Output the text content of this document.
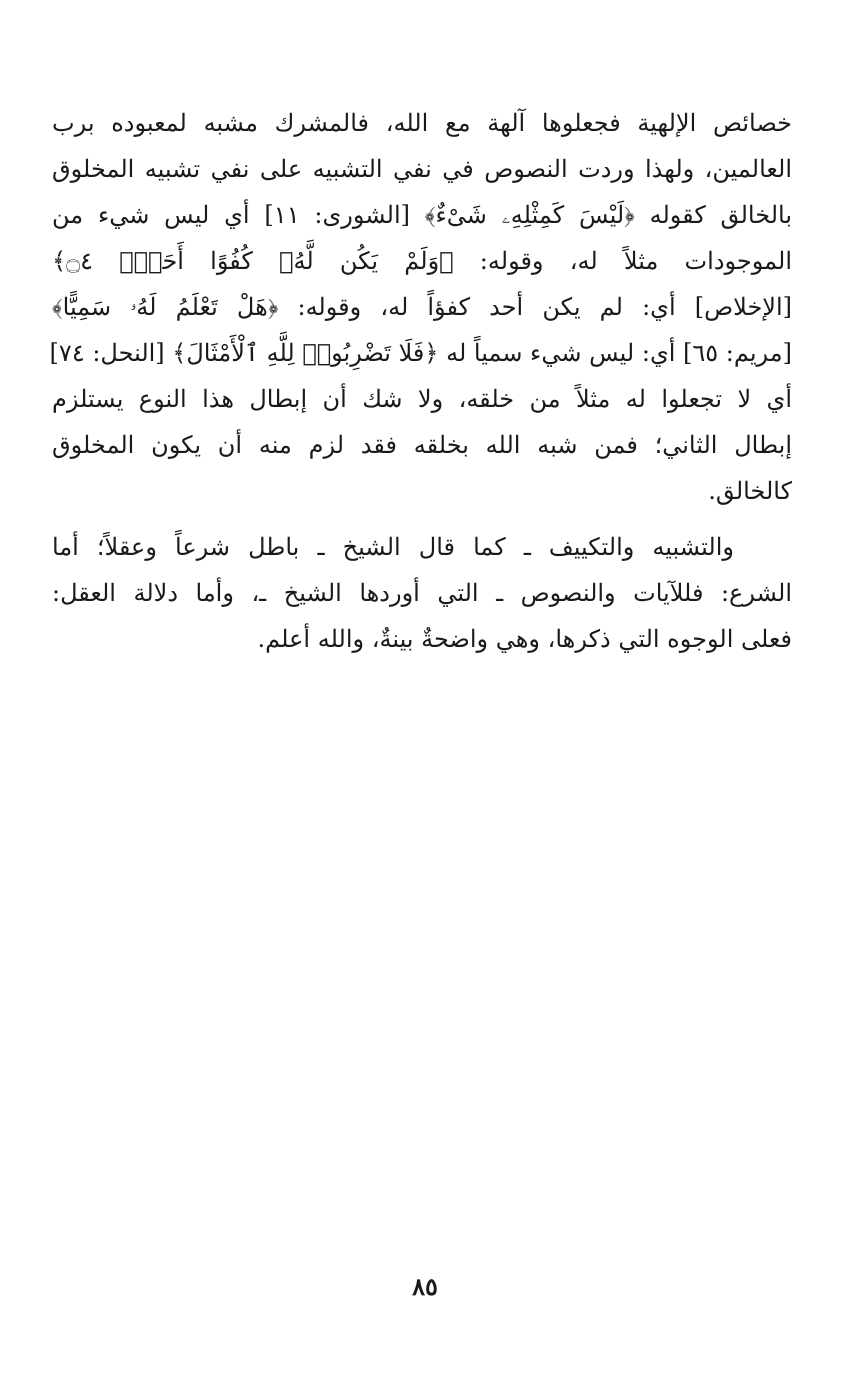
خصائص الإلهية فجعلوها آلهة مع الله، فالمشرك مشبه لمعبوده برب
العالمين، ولهذا وردت النصوص في نفي التشبيه على نفي تشبيه المخلوق
بالخالق كقوله ﴿لَيْسَ كَمِثْلِهِۦ شَىْءٌ﴾ [الشورى: ١١] أي ليس شيء من
الموجودات مثلاً له، وقوله: ﴿وَلَمْ يَكُن لَّهُۥ كُفُوًا أَحَدٌۢ ۝٤﴾
[الإخلاص] أي: لم يكن أحد كفؤاً له، وقوله: ﴿هَلْ تَعْلَمُ لَهُۥ سَمِيًّا﴾
[مريم: ٦٥] أي: ليس شيء سمياً له ﴿فَلَا تَضْرِبُوا۟ لِلَّهِ ٱلْأَمْثَالَ﴾ [النحل: ٧٤]
أي لا تجعلوا له مثلاً من خلقه، ولا شك أن إبطال هذا النوع يستلزم
إبطال الثاني؛ فمن شبه الله بخلقه فقد لزم منه أن يكون المخلوق
كالخالق.
والتشبيه والتكييف ـ كما قال الشيخ ـ باطل شرعاً وعقلاً؛ أما
الشرع: فللآيات والنصوص ـ التي أوردها الشيخ ـ، وأما دلالة العقل:
فعلى الوجوه التي ذكرها، وهي واضحةٌ بينةٌ، والله أعلم.
٨٥
